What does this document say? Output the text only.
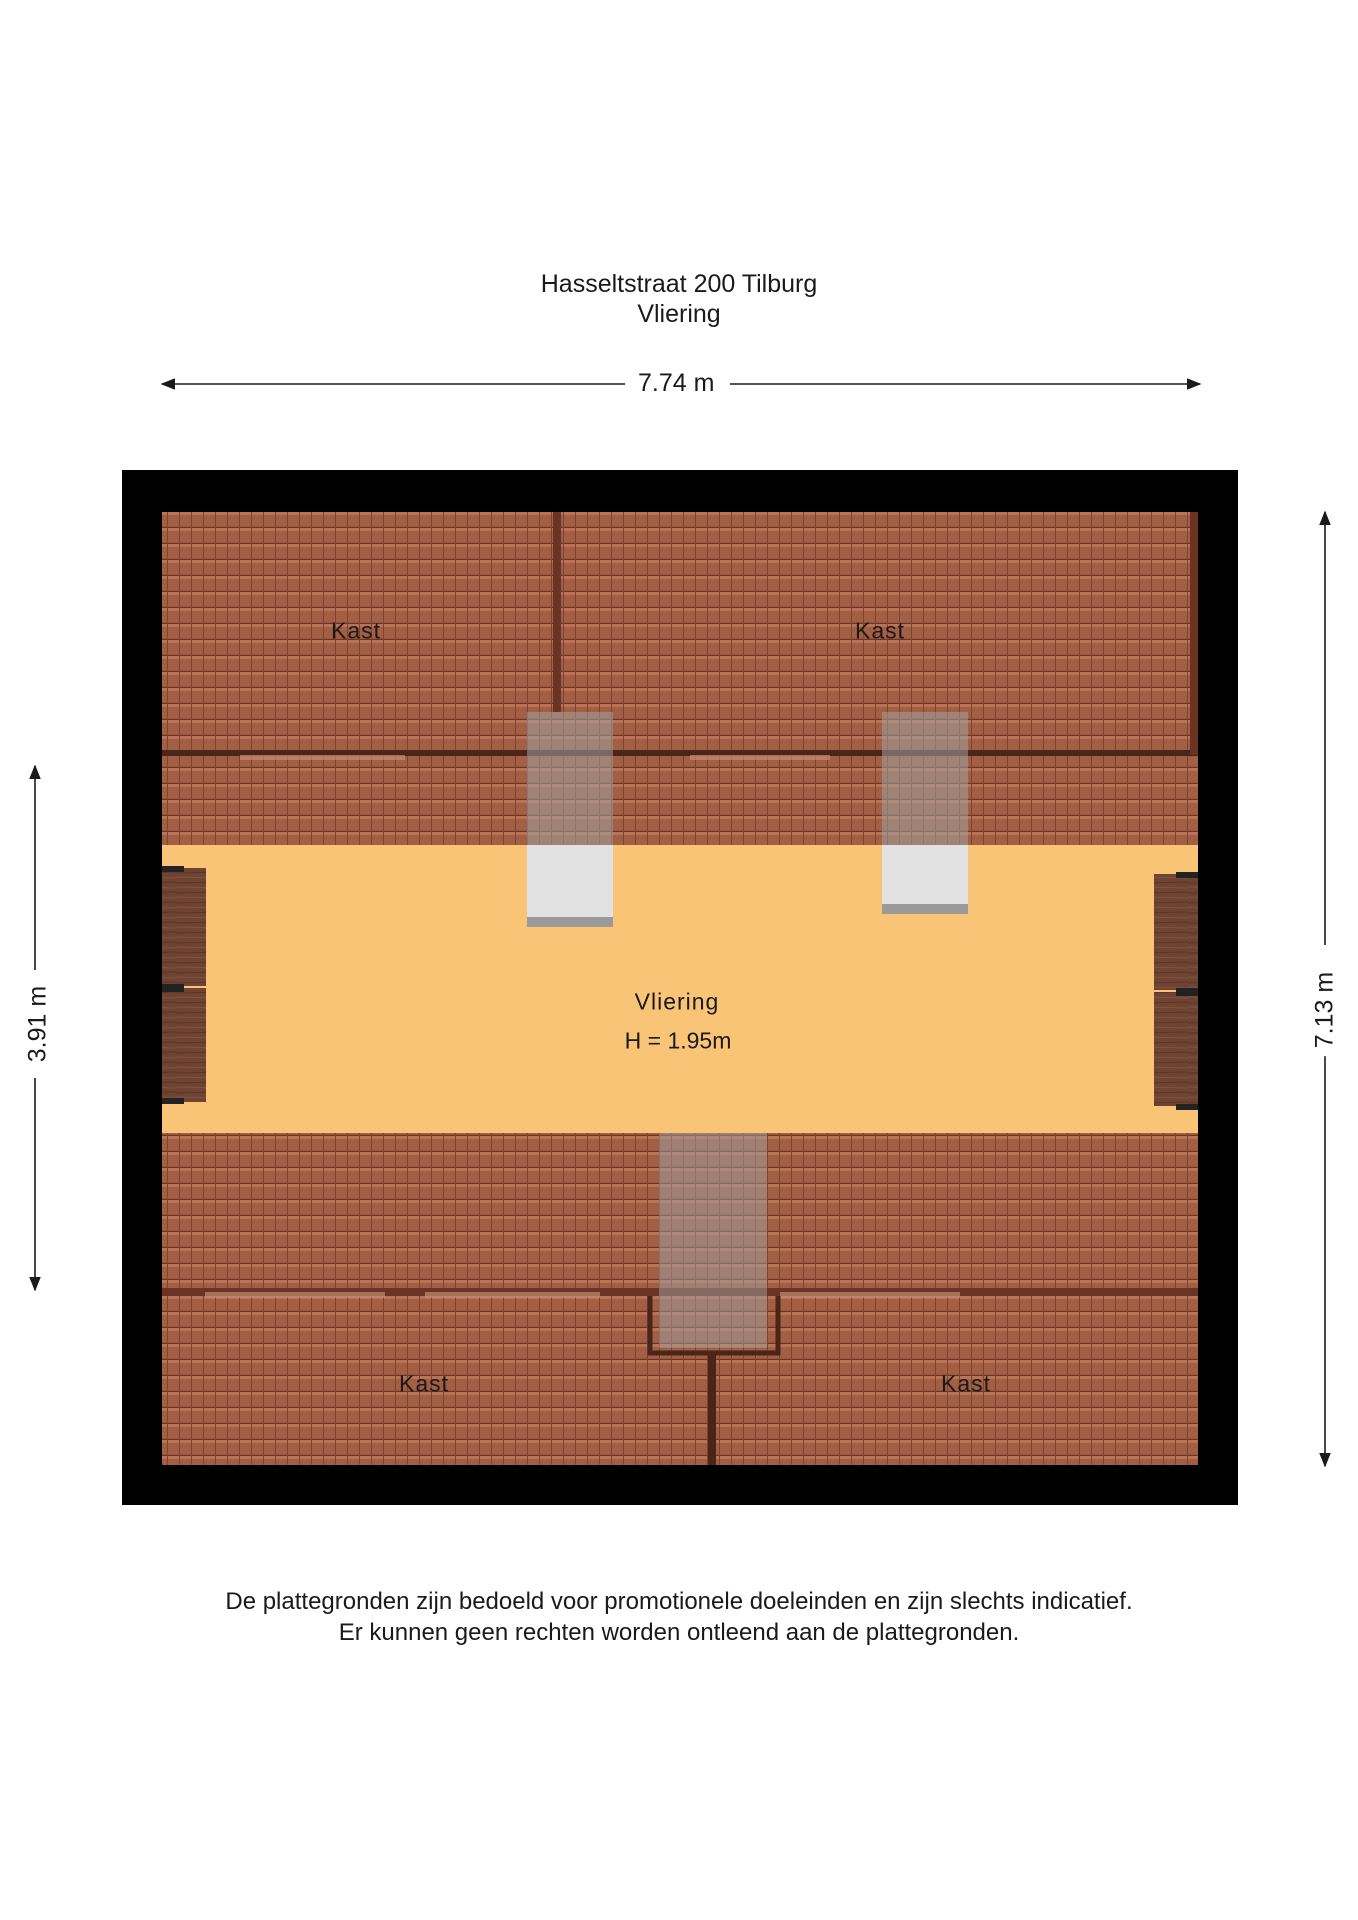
Hasseltstraat 200 Tilburg
Vliering
7.74 m
3.91 m	7.13 m
Kast	Kast
Kast	Kast
Vliering
H = 1.95m
De plattegronden zijn bedoeld voor promotionele doeleinden en zijn slechts indicatief.
Er kunnen geen rechten worden ontleend aan de plattegronden.
